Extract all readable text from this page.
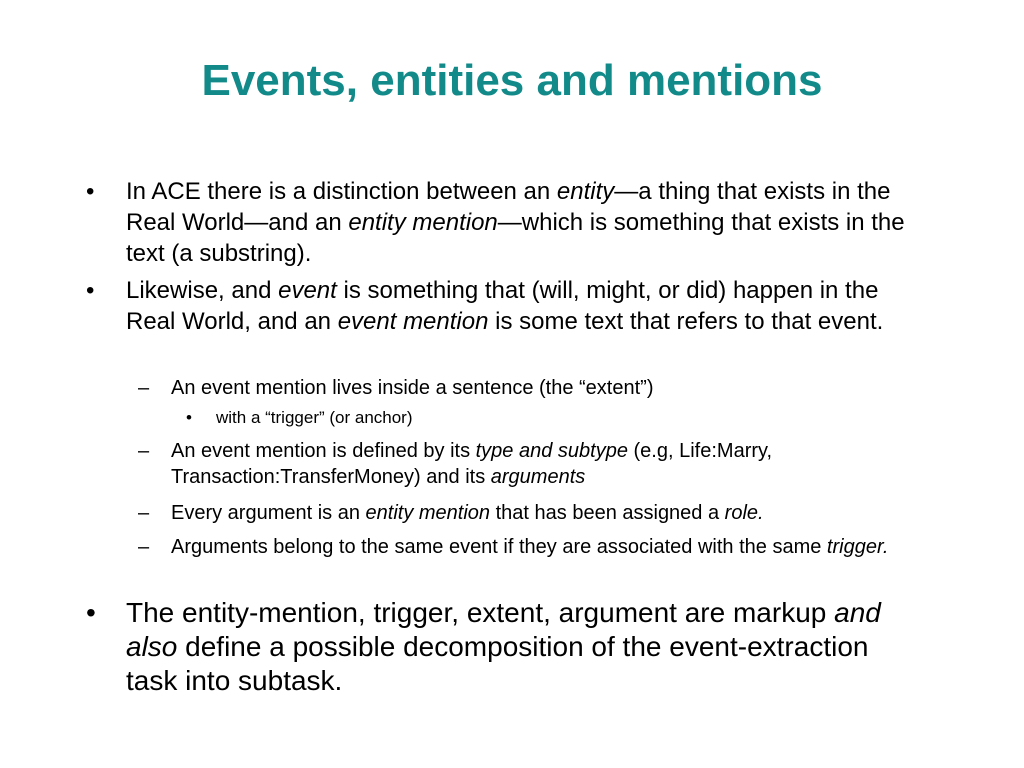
Events, entities and mentions
• In ACE there is a distinction between an entity—a thing that exists in the Real World—and an entity mention—which is something that exists in the text (a substring).
• Likewise, and event is something that (will, might, or did) happen in the Real World, and an event mention is some text that refers to that event.
– An event mention lives inside a sentence (the “extent”)
• with a “trigger” (or anchor)
– An event mention is defined by its type and subtype (e.g, Life:Marry, Transaction:TransferMoney) and its arguments
– Every argument is an entity mention that has been assigned a role.
– Arguments belong to the same event if they are associated with the same trigger.
• The entity-mention, trigger, extent, argument are markup and also define a possible decomposition of the event-extraction task into subtask.
